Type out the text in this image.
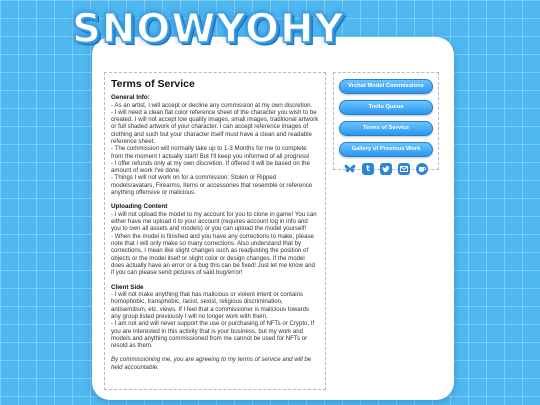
SNOWYOHY
Terms of Service
General Info:

- As an artist, I will accept or decline any commission at my own discretion.

- I will need a clean flat color reference sheet of the character you wish to be created. I will not accept low quality images, small images, traditional artwork or full shaded artwork of your character. I can accept reference images of clothing and such but your character itself must have a clean and readable reference sheet.

- The commission will normally take up to 1-3 Months for me to complete from the moment I actually start! But I'll keep you informed of all progress!

- I offer refunds only at my own discretion. If offered it will be based on the amount of work I've done.

- Things I will not work on for a commission: Stolen or Ripped models/avatars, Firearms, Items or accessories that resemble or reference anything offensive or malicious.

Uploading Content

- I will not upload the model to my account for you to clone in game! You can either have me upload it to your account (requires account log in info and you to own all assets and models) or you can upload the model yourself!

- When the model is finished and you have any corrections to make, please note that I will only make so many corrections. Also understand that by corrections, I mean like slight changes such as readjusting the position of objects or the model itself or slight color or design changes. If the model does actually have an error or a bug this can be fixed! Just let me know and if you can please send pictures of said bug/error!

Client Side

- I will not make anything that has malicious or violent intent or contains homophobic, transphobic, racist, sexist, religious discrimination, antisemitism, etc. views. If I feel that a commissioner is malicious towards any group listed previously I will no longer work with them.

- I am not and will never support the use or purchasing of NFTs or Crypto. If you are interested in this activity that is your business, but my work and models and anything commissioned from me cannot be used for NFTs or resold as them.

By commissioning me, you are agreeing to my terms of service and will be held accountable.

Vrchat Model Commissions
Trello Queue
Terms of Service
Gallery of Previous Work
t
